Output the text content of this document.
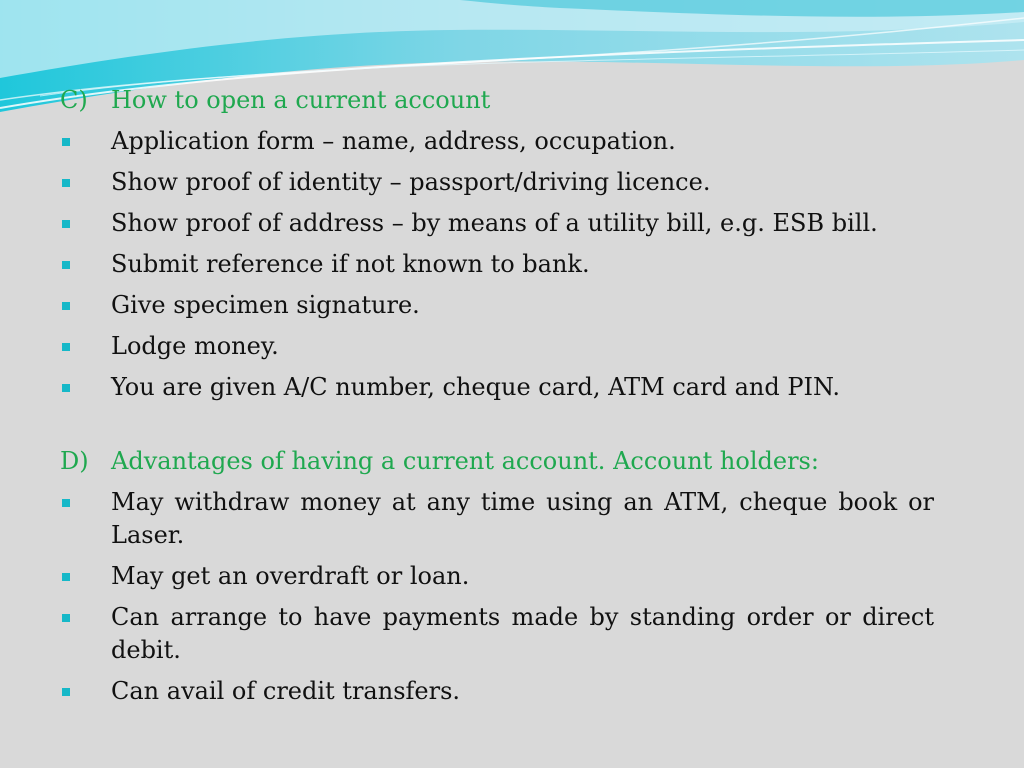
C) How to open a current account
Application form – name, address, occupation.
Show proof of identity – passport/driving licence.
Show proof of address – by means of a utility bill, e.g. ESB bill.
Submit reference if not known to bank.
Give specimen signature.
Lodge money.
You are given A/C number, cheque card, ATM card and PIN.
D) Advantages of having a current account. Account holders:
May withdraw money at any time using an ATM, cheque book or Laser.
May get an overdraft or loan.
Can arrange to have payments made by standing order or direct debit.
Can avail of credit transfers.
